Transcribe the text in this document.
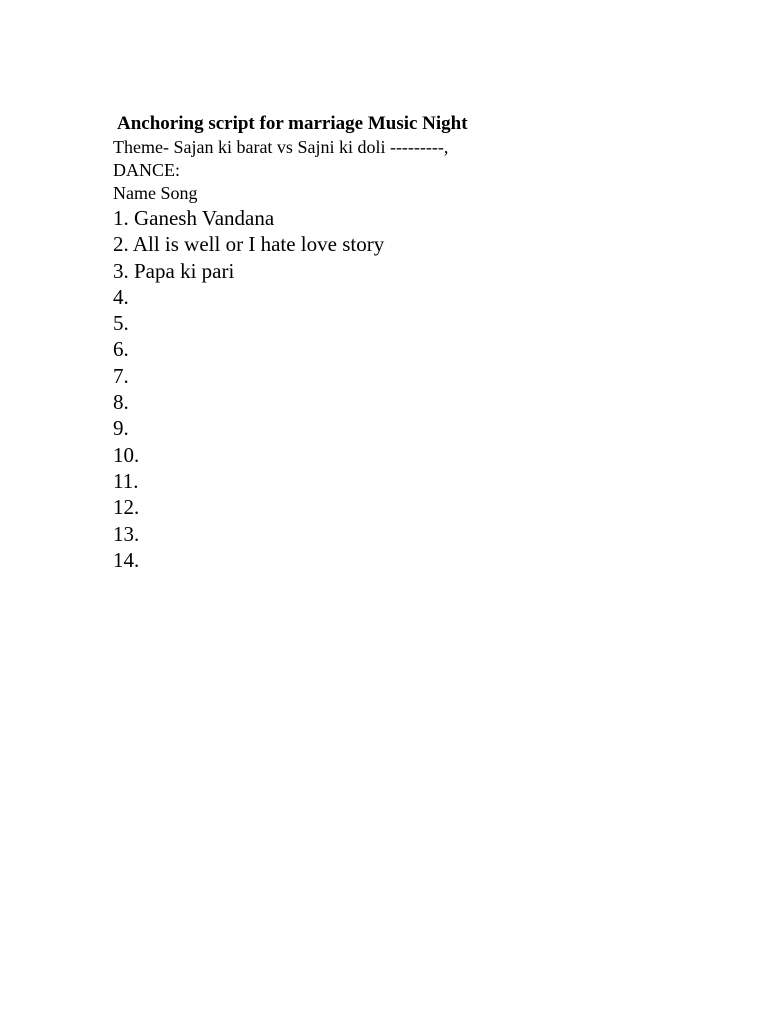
Anchoring script for marriage Music Night
Theme- Sajan ki barat vs Sajni ki doli ---------,
DANCE:
Name Song
1. Ganesh Vandana
2. All is well or I hate love story
3. Papa ki pari
4.
5.
6.
7.
8.
9.
10.
11.
12.
13.
14.
